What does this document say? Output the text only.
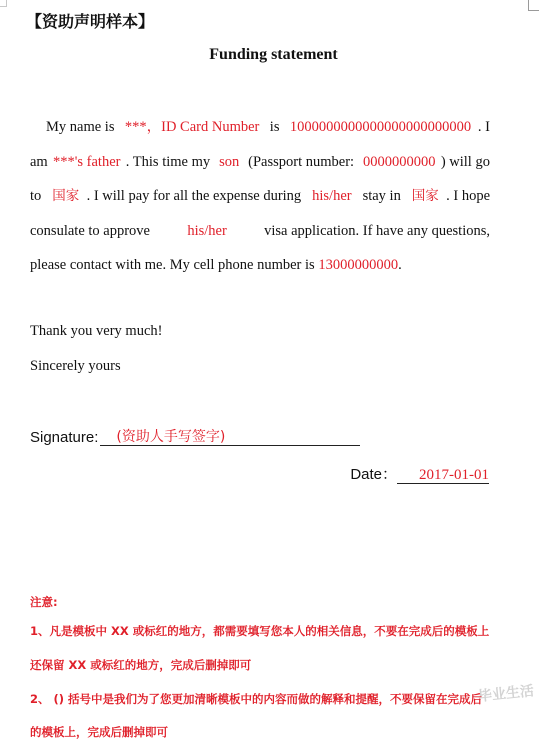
【资助声明样本】
Funding statement
My name is ***，ID Card Number is 1000000000000000000000000 . I
am ***'s father . This time my son (Passport number: 0000000000 ) will go
to 国家 . I will pay for all the expense during his/her stay in 国家 . I hope
consulate to approve his/her visa application. If have any questions,
please contact with me. My cell phone number is 13000000000 .
Thank you very much!
Sincerely yours
Signature: (资助人手写签字)
Date： 2017-01-01
注意:
1、凡是模板中 XX 或标红的地方，都需要填写您本人的相关信息，不要在完成后的模板上
还保留 XX 或标红的地方，完成后删掉即可
2、 () 括号中是我们为了您更加清晰模板中的内容而做的解释和提醒，不要保留在完成后
的模板上，完成后删掉即可
毕业生活
